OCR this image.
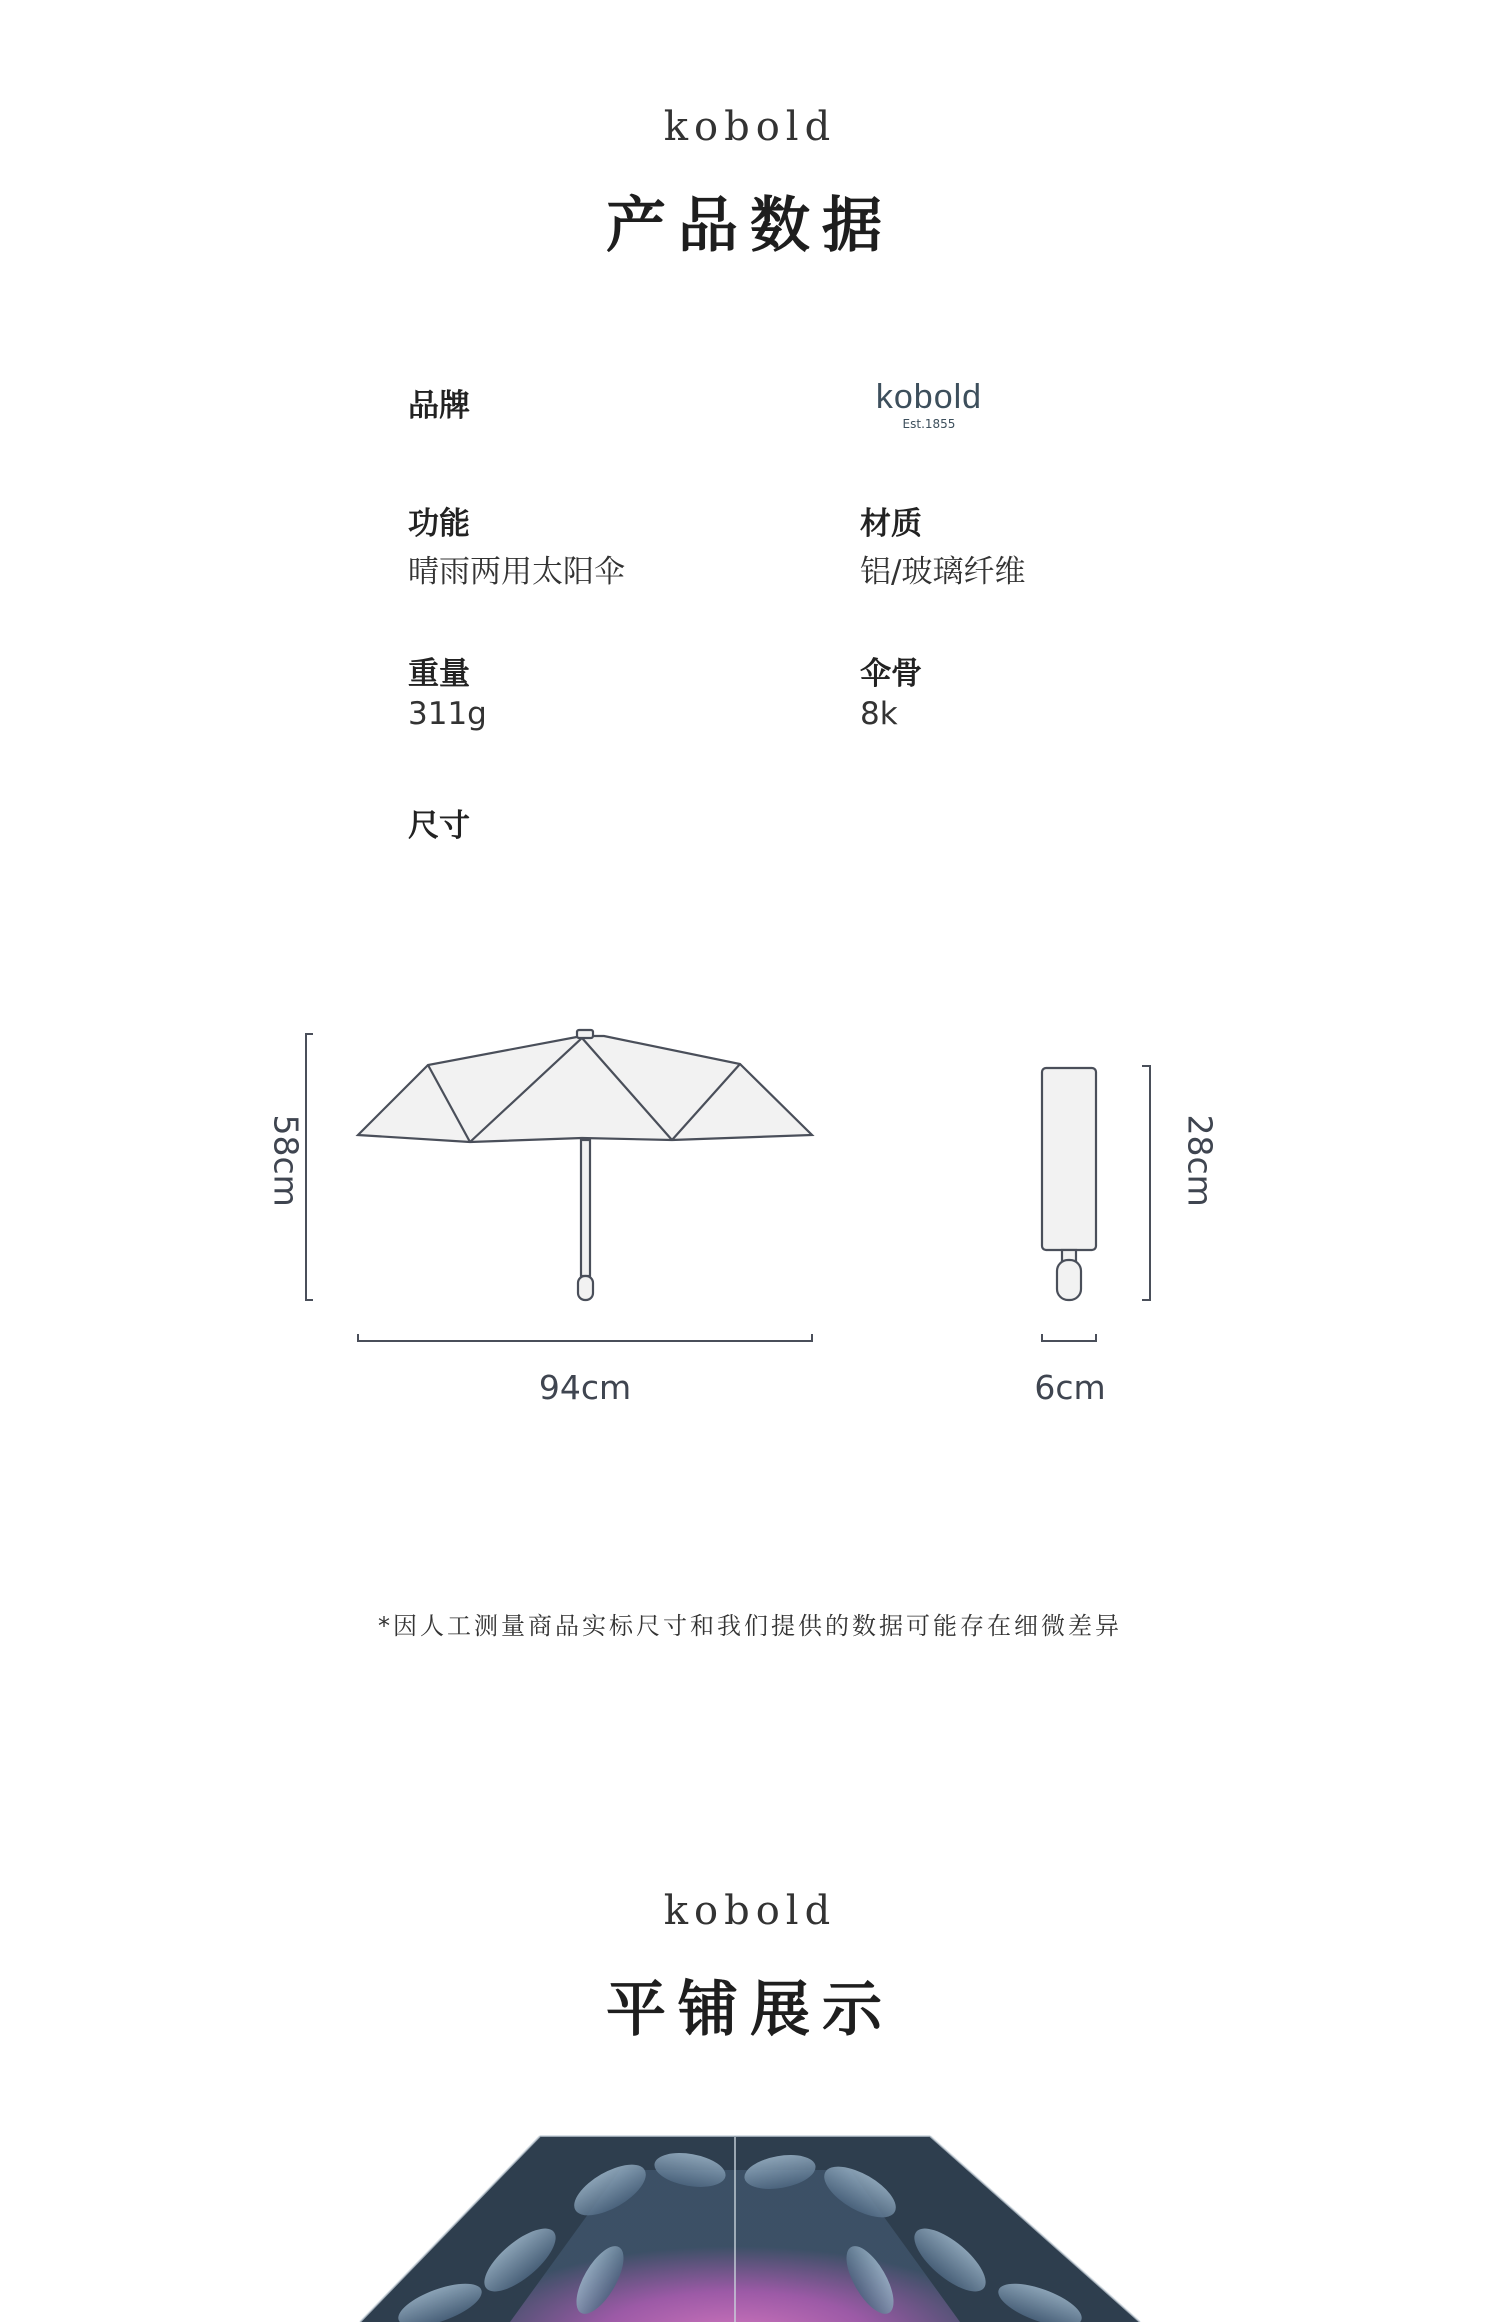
kobold
产品数据
品牌	kobold
Est.1855
功能
晴雨两用太阳伞
材质
铝/玻璃纤维
重量
311g
伞骨
8k
尺寸
58cm
94cm
28cm
6cm
*因人工测量商品实标尺寸和我们提供的数据可能存在细微差异
kobold
平铺展示
